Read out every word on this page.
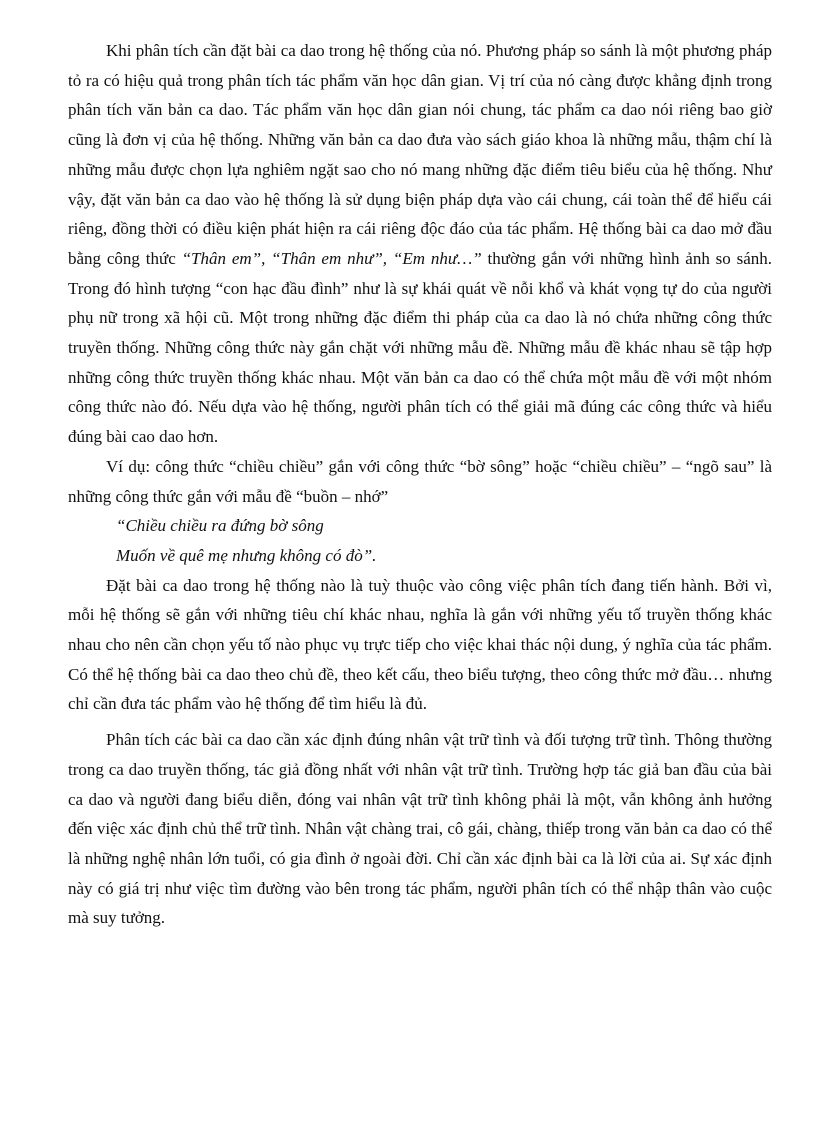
Khi phân tích cần đặt bài ca dao trong hệ thống của nó. Phương pháp so sánh là một phương pháp tỏ ra có hiệu quả trong phân tích tác phẩm văn học dân gian. Vị trí của nó càng được khẳng định trong phân tích văn bản ca dao. Tác phẩm văn học dân gian nói chung, tác phẩm ca dao nói riêng bao giờ cũng là đơn vị của hệ thống. Những văn bản ca dao đưa vào sách giáo khoa là những mẫu, thậm chí là những mẫu được chọn lựa nghiêm ngặt sao cho nó mang những đặc điểm tiêu biểu của hệ thống. Như vậy, đặt văn bản ca dao vào hệ thống là sử dụng biện pháp dựa vào cái chung, cái toàn thể để hiểu cái riêng, đồng thời có điều kiện phát hiện ra cái riêng độc đáo của tác phẩm. Hệ thống bài ca dao mở đầu bằng công thức “Thân em”, “Thân em như”, “Em như…” thường gắn với những hình ảnh so sánh. Trong đó hình tượng “con hạc đầu đình” như là sự khái quát về nỗi khổ và khát vọng tự do của người phụ nữ trong xã hội cũ. Một trong những đặc điểm thi pháp của ca dao là nó chứa những công thức truyền thống. Những công thức này gắn chặt với những mẫu đề. Những mẫu đề khác nhau sẽ tập hợp những công thức truyền thống khác nhau. Một văn bản ca dao có thể chứa một mẫu đề với một nhóm công thức nào đó. Nếu dựa vào hệ thống, người phân tích có thể giải mã đúng các công thức và hiểu đúng bài cao dao hơn.

Ví dụ: công thức “chiều chiều” gắn với công thức “bờ sông” hoặc “chiều chiều” – “ngõ sau” là những công thức gắn với mẫu đề “buồn – nhớ”

“Chiều chiều ra đứng bờ sông
Muốn về quê mẹ nhưng không có đò”.

Đặt bài ca dao trong hệ thống nào là tuỳ thuộc vào công việc phân tích đang tiến hành. Bởi vì, mỗi hệ thống sẽ gắn với những tiêu chí khác nhau, nghĩa là gắn với những yếu tố truyền thống khác nhau cho nên cần chọn yếu tố nào phục vụ trực tiếp cho việc khai thác nội dung, ý nghĩa của tác phẩm. Có thể hệ thống bài ca dao theo chủ đề, theo kết cấu, theo biểu tượng, theo công thức mở đầu… nhưng chỉ cần đưa tác phẩm vào hệ thống để tìm hiểu là đủ.

Phân tích các bài ca dao cần xác định đúng nhân vật trữ tình và đối tượng trữ tình. Thông thường trong ca dao truyền thống, tác giả đồng nhất với nhân vật trữ tình. Trường hợp tác giả ban đầu của bài ca dao và người đang biểu diễn, đóng vai nhân vật trữ tình không phải là một, vẫn không ảnh hưởng đến việc xác định chủ thể trữ tình. Nhân vật chàng trai, cô gái, chàng, thiếp trong văn bản ca dao có thể là những nghệ nhân lớn tuổi, có gia đình ở ngoài đời. Chỉ cần xác định bài ca là lời của ai. Sự xác định này có giá trị như việc tìm đường vào bên trong tác phẩm, người phân tích có thể nhập thân vào cuộc mà suy tưởng.
